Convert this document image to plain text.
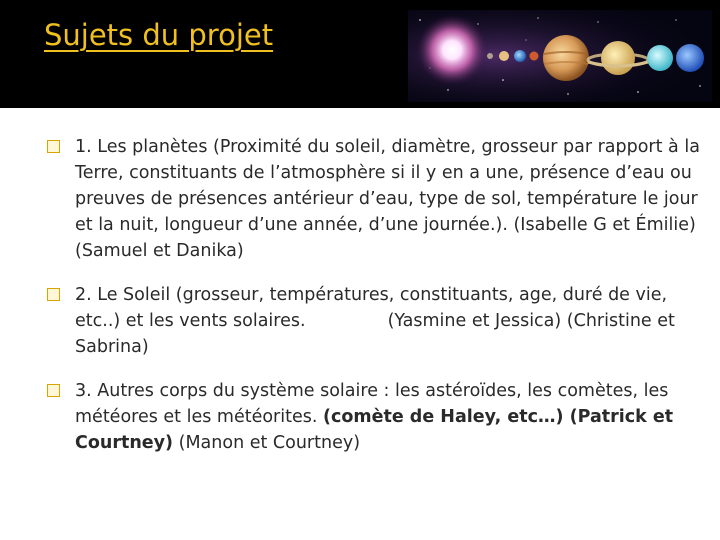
Sujets du projet

1. Les planètes (Proximité du soleil, diamètre, grosseur par rapport à la Terre, constituants de l’atmosphère si il y en a une, présence d’eau ou preuves de présences antérieur d’eau, type de sol, température le jour et la nuit, longueur d’une année, d’une journée.). (Isabelle G et Émilie) (Samuel et Danika)

2. Le Soleil (grosseur, températures, constituants, age, duré de vie, etc..) et les vents solaires.	(Yasmine et Jessica) (Christine et Sabrina)

3. Autres corps du système solaire : les astéroïdes, les comètes, les météores et les météorites. (comète de Haley, etc…) (Patrick et Courtney) (Manon et Courtney)
